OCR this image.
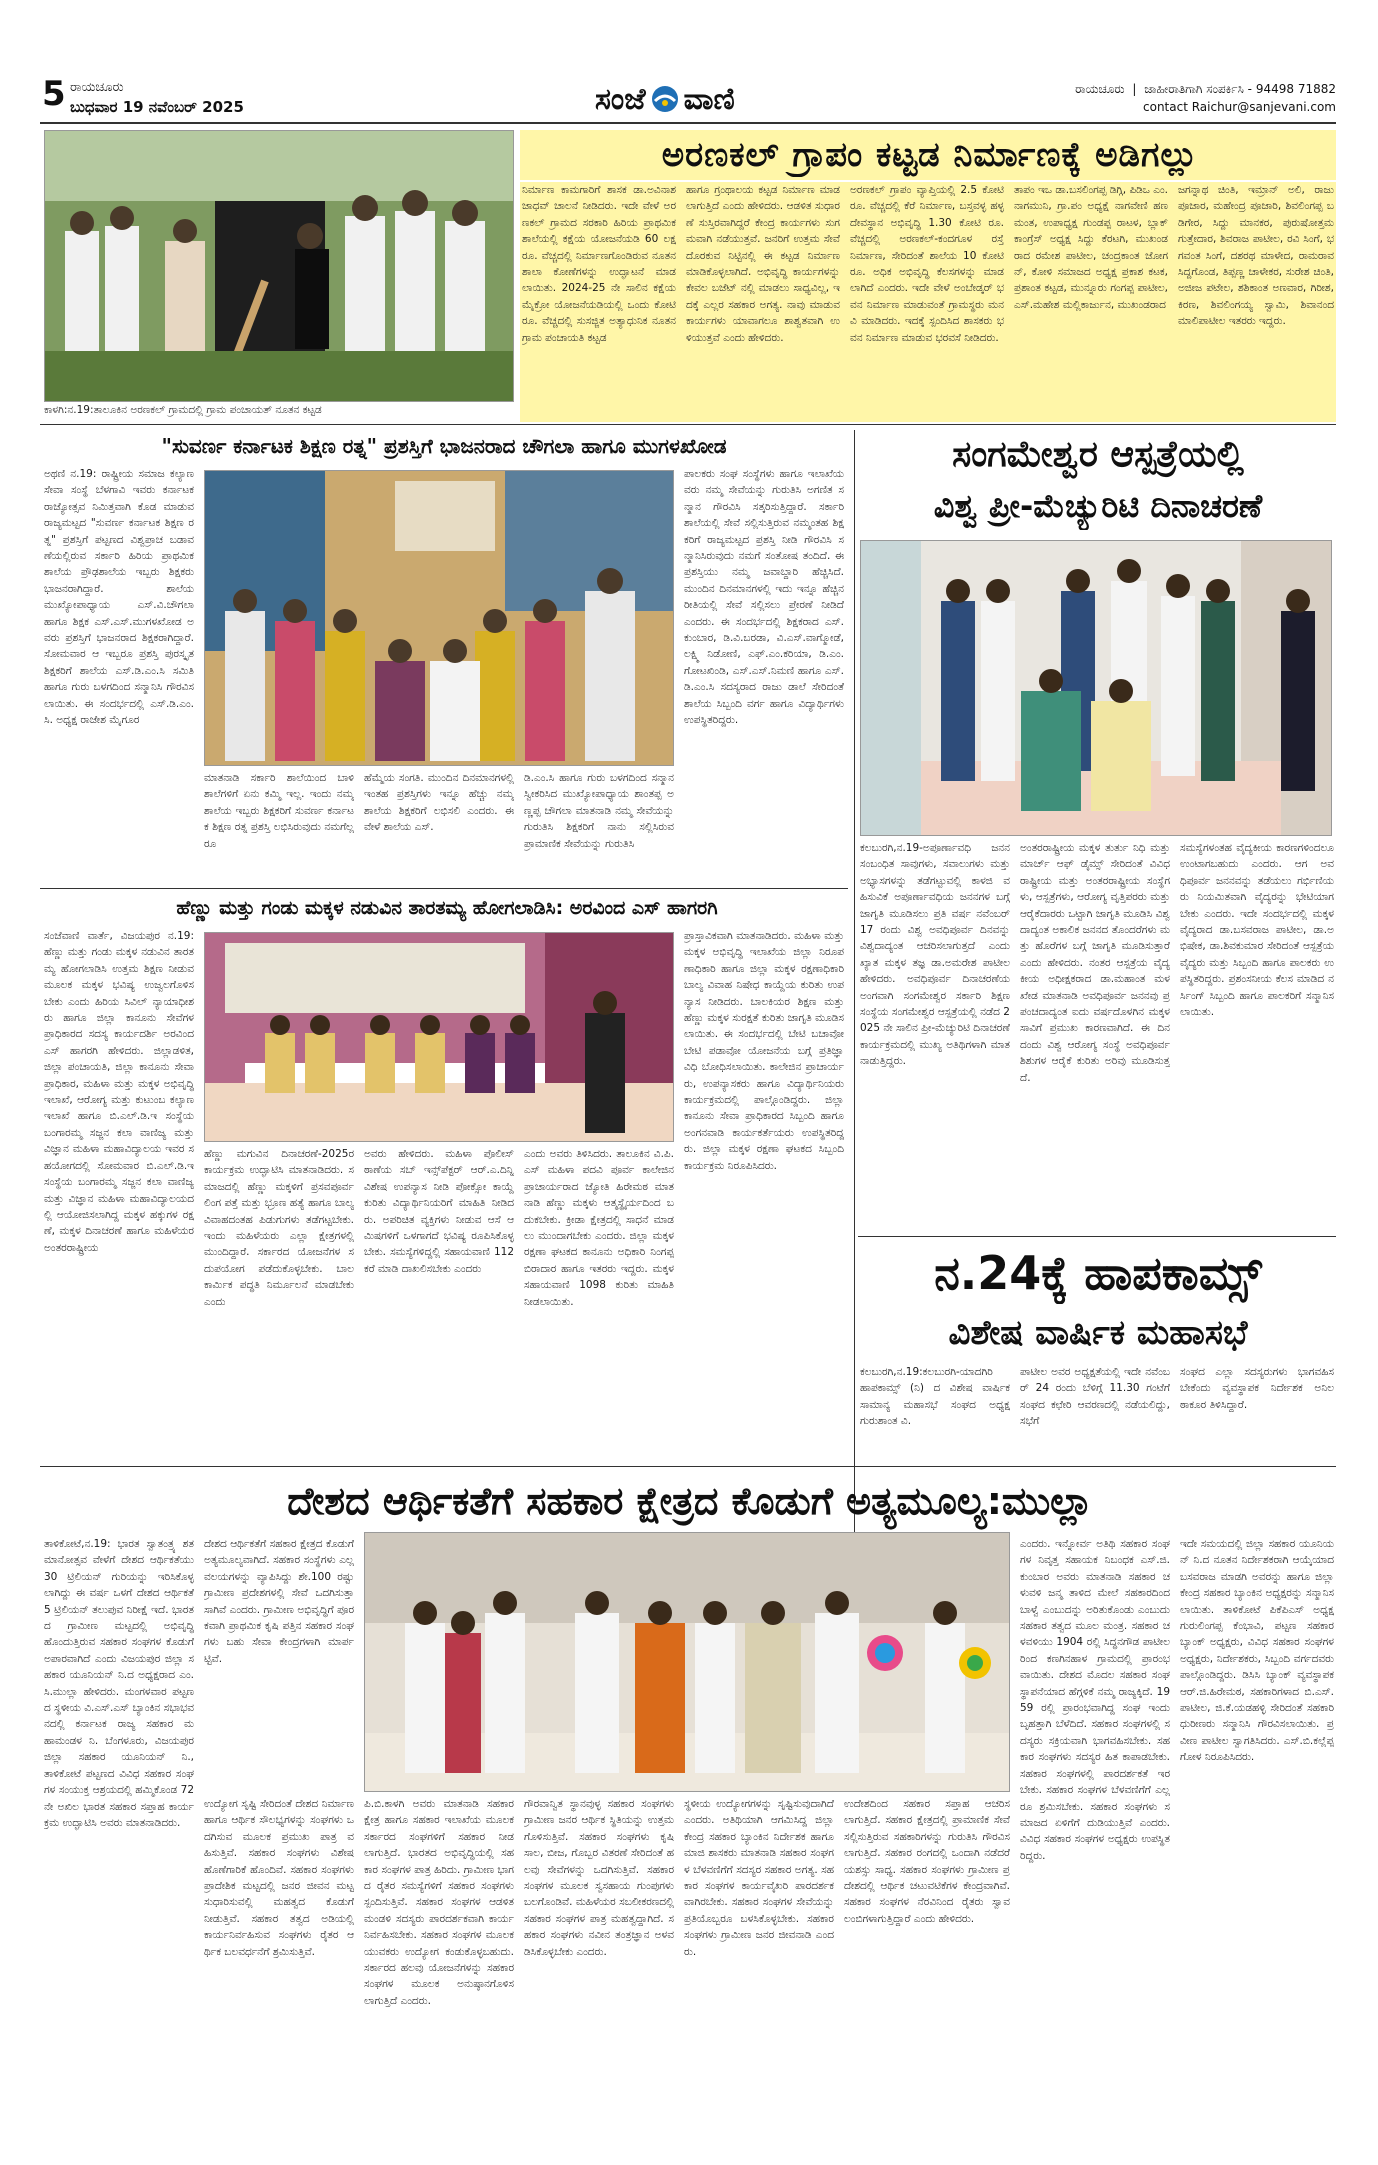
5 ರಾಯಚೂರು
ಬುಧವಾರ 19 ನವೆಂಬರ್ 2025	ಸಂಜೆ ವಾಣಿ	ರಾಯಚೂರು | ಜಾಹೀರಾತಿಗಾಗಿ ಸಂಪರ್ಕಿಸಿ - 94498 71882
contact Raichur@sanjevani.com
ಕಾಳಗಿ:ನ.19:ತಾಲೂಕಿನ ಅರಣಕಲ್ ಗ್ರಾಮದಲ್ಲಿ ಗ್ರಾಮ ಪಂಚಾಯತ್ ನೂತನ ಕಟ್ಟಡ
ಅರಣಕಲ್ ಗ್ರಾಪಂ ಕಟ್ಟಡ ನಿರ್ಮಾಣಕ್ಕೆ ಅಡಿಗಲ್ಲು
ನಿರ್ಮಾಣ ಕಾಮಗಾರಿಗೆ ಶಾಸಕ ಡಾ.ಅವಿನಾಶ ಜಾಧವ್ ಚಾಲನೆ ನೀಡಿದರು. ಇದೇ ವೇಳೆ ಅರಣಕಲ್ ಗ್ರಾಮದ ಸರಕಾರಿ ಹಿರಿಯ ಪ್ರಾಥಮಿಕ ಶಾಲೆಯಲ್ಲಿ ಕಕ್ಷೆಯ ಯೋಜನೆಯಡಿ 60 ಲಕ್ಷ ರೂ. ವೆಚ್ಚದಲ್ಲಿ ನಿರ್ಮಾಣಗೊಂಡಿರುವ ನೂತನ ಶಾಲಾ ಕೋಣೆಗಳನ್ನು ಉದ್ಘಾಟನೆ ಮಾಡಲಾಯಿತು. 2024-25 ನೇ ಸಾಲಿನ ಕಕ್ಷೆಯ ಮೈಕ್ರೋ ಯೋಜನೆಯಡಿಯಲ್ಲಿ ಒಂದು ಕೋಟಿ ರೂ. ವೆಚ್ಚದಲ್ಲಿ ಸುಸಜ್ಜಿತ ಅತ್ಯಾಧುನಿಕ ನೂತನ ಗ್ರಾಮ ಪಂಚಾಯತಿ ಕಟ್ಟಡ
ಹಾಗೂ ಗ್ರಂಥಾಲಯ ಕಟ್ಟಡ ನಿರ್ಮಾಣ ಮಾಡಲಾಗುತ್ತಿದೆ ಎಂದು ಹೇಳಿದರು. ಆಡಳಿತ ಸುಧಾರಣೆ ಸುಸ್ತಿರವಾಗಿದ್ದರೆ ಕೇಂದ್ರ ಕಾರ್ಯಗಳು ಸುಗಮವಾಗಿ ನಡೆಯುತ್ತವೆ. ಜನರಿಗೆ ಉತ್ತಮ ಸೇವೆ ದೊರಕುವ ನಿಟ್ಟಿನಲ್ಲಿ ಈ ಕಟ್ಟಡ ನಿರ್ಮಾಣ ಮಾಡಿಕೊಳ್ಳಲಾಗಿದೆ. ಅಭಿವೃದ್ಧಿ ಕಾರ್ಯಗಳನ್ನು ಕೇವಲ ಬಜೆಟ್ ನಲ್ಲಿ ಮಾಡಲು ಸಾಧ್ಯವಿಲ್ಲ, ಇದಕ್ಕೆ ಎಲ್ಲರ ಸಹಕಾರ ಅಗತ್ಯ. ನಾವು ಮಾಡುವ ಕಾರ್ಯಗಳು ಯಾವಾಗಲೂ ಶಾಶ್ವತವಾಗಿ ಉಳಿಯುತ್ತವೆ ಎಂದು ಹೇಳಿದರು.
ಅರಣಕಲ್ ಗ್ರಾಪಂ ವ್ಯಾಪ್ತಿಯಲ್ಲಿ 2.5 ಕೋಟಿ ರೂ. ವೆಚ್ಚದಲ್ಲಿ ಕೆರೆ ನಿರ್ಮಾಣ, ಬಸ್ತವಳ್ಳ ಹಳ್ಳ ದೇವಸ್ಥಾನ ಅಭಿವೃದ್ಧಿ 1.30 ಕೋಟಿ ರೂ. ವೆಚ್ಚದಲ್ಲಿ ಅರಣಕಲ್-ಕಂದಗೂಳ ರಸ್ತೆ ನಿರ್ಮಾಣ, ಸೇರಿದಂತೆ ಶಾಲೆಯ 10 ಕೋಟಿ ರೂ. ಅಧಿಕ ಅಭಿವೃದ್ಧಿ ಕೆಲಸಗಳನ್ನು ಮಾಡಲಾಗಿದೆ ಎಂದರು. ಇದೇ ವೇಳೆ ಅಂಬೇಡ್ಕರ್ ಭವನ ನಿರ್ಮಾಣ ಮಾಡುವಂತೆ ಗ್ರಾಮಸ್ಥರು ಮನವಿ ಮಾಡಿದರು. ಇದಕ್ಕೆ ಸ್ಪಂದಿಸಿದ ಶಾಸಕರು ಭವನ ನಿರ್ಮಾಣ ಮಾಡುವ ಭರವಸೆ ನೀಡಿದರು.
ತಾಪಂ ಇಒ ಡಾ.ಬಸಲಿಂಗಪ್ಪ ಡಿಗ್ಗಿ, ಪಿಡಿಒ ಎಂ.ನಾಗಮುನಿ, ಗ್ರಾ.ಪಂ ಅಧ್ಯಕ್ಷೆ ನಾಗವೇಣಿ ಹಣಮಂತ, ಉಪಾಧ್ಯಕ್ಷ ಗುಂಡಪ್ಪ ರಾಟಳ, ಬ್ಲಾಕ್ ಕಾಂಗ್ರೆಸ್ ಅಧ್ಯಕ್ಷ ಸಿದ್ದು ಕೆರಟಗಿ, ಮುಖಂಡರಾದ ರಮೇಶ ಪಾಟೀಲ, ಚಂದ್ರಕಾಂತ ಜೋಗನ್, ಕೋಳಿ ಸಮಾಜದ ಅಧ್ಯಕ್ಷ ಪ್ರಕಾಶ ಕಟಕ, ಪ್ರಶಾಂತ ಕಟ್ಟಡ, ಮುನ್ನೂರು ಗಂಗಪ್ಪ ಪಾಟೀಲ, ಎಸ್.ಮಹೇಶ ಮಲ್ಲಿಕಾರ್ಜುನ, ಮುಖಂಡರಾದ
ಜಗನ್ನಾಥ ಚಿಂತಿ, ಇಮ್ರಾನ್ ಅಲಿ, ರಾಜು ಪೂಜಾರ, ಮಹೇಂದ್ರ ಪೂಜಾರಿ, ಶಿವಲಿಂಗಪ್ಪ ಬಡಿಗೇರ, ಸಿದ್ದು ಮಾನಕರ, ಪುರುಷೋತ್ತಮ ಗುತ್ತೇದಾರ, ಶಿವರಾಜ ಪಾಟೀಲ, ರವಿ ಸಿಂಗೆ, ಭಗವಂತ ಸಿಂಗೆ, ದಶರಥ ಮಾಳೇದ, ರಾಮರಾವ ಸಿದ್ದಗೊಂಡ, ತಿಪ್ಪಣ್ಣ ಚಾಳೇಕರ, ಸುರೇಶ ಚಿಂತಿ, ಅಜೀಜ ಪಟೇಲ, ಶಶಿಕಾಂತ ಅಣವಾರ, ಗಿರೀಶ, ಕಿರಣ, ಶಿವಲಿಂಗಯ್ಯ ಸ್ವಾಮಿ, ಶಿವಾನಂದ ಮಾಲಿಪಾಟೀಲ ಇತರರು ಇದ್ದರು.
"ಸುವರ್ಣ ಕರ್ನಾಟಕ ಶಿಕ್ಷಣ ರತ್ನ" ಪ್ರಶಸ್ತಿಗೆ ಭಾಜನರಾದ ಚೌಗಲಾ ಹಾಗೂ ಮುಗಳಖೋಡ
ಅಥಣಿ ನ.19: ರಾಷ್ಟ್ರೀಯ ಸಮಾಜ ಕಲ್ಯಾಣ ಸೇವಾ ಸಂಸ್ಥೆ ಬೆಳಗಾವಿ ಇವರು ಕರ್ನಾಟಕ ರಾಜ್ಯೋತ್ಸವ ನಿಮಿತ್ತವಾಗಿ ಕೊಡ ಮಾಡುವ ರಾಜ್ಯಮಟ್ಟದ "ಸುವರ್ಣ ಕರ್ನಾಟಕ ಶಿಕ್ಷಣ ರತ್ನ" ಪ್ರಶಸ್ತಿಗೆ ಪಟ್ಟಣದ ವಿಶ್ವಪ್ರಾಚ ಬಡಾವಣೆಯಲ್ಲಿರುವ ಸರ್ಕಾರಿ ಹಿರಿಯ ಪ್ರಾಥಮಿಕ ಶಾಲೆಯ ಪ್ರೌಢಶಾಲೆಯ ಇಬ್ಬರು ಶಿಕ್ಷಕರು ಭಾಜನರಾಗಿದ್ದಾರೆ. ಶಾಲೆಯ ಮುಖ್ಯೋಪಾಧ್ಯಾಯ ಎಸ್.ವಿ.ಚೌಗಲಾ ಹಾಗೂ ಶಿಕ್ಷಕ ಎಸ್.ಎಸ್.ಮುಗಳಖೋಡ ಅವರು ಪ್ರಶಸ್ತಿಗೆ ಭಾಜನರಾದ ಶಿಕ್ಷಕರಾಗಿದ್ದಾರೆ. ಸೋಮವಾರ ಆ ಇಬ್ಬರೂ ಪ್ರಶಸ್ತಿ ಪುರಸ್ಕೃತ ಶಿಕ್ಷಕರಿಗೆ ಶಾಲೆಯ ಎಸ್.ಡಿ.ಎಂ.ಸಿ ಸಮಿತಿ ಹಾಗೂ ಗುರು ಬಳಗದಿಂದ ಸನ್ಮಾನಿಸಿ ಗೌರವಿಸಲಾಯಿತು. ಈ ಸಂದರ್ಭದಲ್ಲಿ ಎಸ್.ಡಿ.ಎಂ.ಸಿ. ಅಧ್ಯಕ್ಷ ರಾಜೇಶ ಮೈಗೂರ
ಪಾಲಕರು ಸಂಘ ಸಂಸ್ಥೆಗಳು ಹಾಗೂ ಇಲಾಖೆಯವರು ನಮ್ಮ ಸೇವೆಯನ್ನು ಗುರುತಿಸಿ ಅಗಣಿತ ಸನ್ಮಾನ ಗೌರವಿಸಿ ಸತ್ಕರಿಸುತ್ತಿದ್ದಾರೆ. ಸರ್ಕಾರಿ ಶಾಲೆಯಲ್ಲಿ ಸೇವೆ ಸಲ್ಲಿಸುತ್ತಿರುವ ನಮ್ಮಂತಹ ಶಿಕ್ಷಕರಿಗೆ ರಾಜ್ಯಮಟ್ಟದ ಪ್ರಶಸ್ತಿ ನೀಡಿ ಗೌರವಿಸಿ ಸನ್ಮಾನಿಸಿರುವುದು ನಮಗೆ ಸಂತೋಷ ತಂದಿದೆ. ಈ ಪ್ರಶಸ್ತಿಯು ನಮ್ಮ ಜವಾಬ್ದಾರಿ ಹೆಚ್ಚಿಸಿದೆ. ಮುಂದಿನ ದಿನಮಾನಗಳಲ್ಲಿ ಇದು ಇನ್ನೂ ಹೆಚ್ಚಿನ ರೀತಿಯಲ್ಲಿ ಸೇವೆ ಸಲ್ಲಿಸಲು ಪ್ರೇರಣೆ ನೀಡಿದೆ ಎಂದರು. ಈ ಸಂದರ್ಭದಲ್ಲಿ ಶಿಕ್ಷಕರಾದ ಎಸ್.ಕುಂಬಾರ, ಡಿ.ವಿ.ಬರಡಾ, ವಿ.ಎಸ್.ವಾಗ್ಮೋಡೆ, ಲಕ್ಷ್ಮಿ ನಿಡೋಣಿ, ಎಫ್.ಎಂ.ಕರಿಯಾ, ಡಿ.ಎಂ.ಗೋಟಖಿಂಡಿ, ಎಸ್.ಎಸ್.ನಿಮಣಿ ಹಾಗೂ ಎಸ್.ಡಿ.ಎಂ.ಸಿ ಸದಸ್ಯರಾದ ರಾಜು ಡಾಲೆ ಸೇರಿದಂತೆ ಶಾಲೆಯ ಸಿಬ್ಬಂದಿ ವರ್ಗ ಹಾಗೂ ವಿದ್ಯಾರ್ಥಿಗಳು ಉಪಸ್ಥಿತರಿದ್ದರು.
ಮಾತನಾಡಿ ಸರ್ಕಾರಿ ಶಾಲೆಯಿಂದ ಬಾಳಿ ಶಾಲೆಗಳಿಗೆ ಏನು ಕಮ್ಮಿ ಇಲ್ಲ. ಇಂದು ನಮ್ಮ ಶಾಲೆಯ ಇಬ್ಬರು ಶಿಕ್ಷಕರಿಗೆ ಸುವರ್ಣ ಕರ್ನಾಟಕ ಶಿಕ್ಷಣ ರತ್ನ ಪ್ರಶಸ್ತಿ ಲಭಿಸಿರುವುದು ನಮಗೆಲ್ಲರೂ
ಹೆಮ್ಮೆಯ ಸಂಗತಿ. ಮುಂದಿನ ದಿನಮಾನಗಳಲ್ಲಿ ಇಂತಹ ಪ್ರಶಸ್ತಿಗಳು ಇನ್ನೂ ಹೆಚ್ಚು ನಮ್ಮ ಶಾಲೆಯ ಶಿಕ್ಷಕರಿಗೆ ಲಭಿಸಲಿ ಎಂದರು. ಈ ವೇಳೆ ಶಾಲೆಯ ಎಸ್.
ಡಿ.ಎಂ.ಸಿ ಹಾಗೂ ಗುರು ಬಳಗದಿಂದ ಸನ್ಮಾನ ಸ್ವೀಕರಿಸಿದ ಮುಖ್ಯೋಪಾಧ್ಯಾಯ ಶಾಂತಪ್ಪ ಅಣ್ಣಪ್ಪ ಚೌಗಲಾ ಮಾತನಾಡಿ ನಮ್ಮ ಸೇವೆಯನ್ನು ಗುರುತಿಸಿ ಶಿಕ್ಷಕರಿಗೆ ನಾನು ಸಲ್ಲಿಸಿರುವ ಪ್ರಾಮಾಣಿಕ ಸೇವೆಯನ್ನು ಗುರುತಿಸಿ
ಸಂಗಮೇಶ್ವರ ಆಸ್ಪತ್ರೆಯಲ್ಲಿ
ವಿಶ್ವ ಪ್ರೀ-ಮೆಚ್ಯುರಿಟಿ ದಿನಾಚರಣೆ
ಕಲಬುರಗಿ,ನ.19-ಅಪೂರ್ಣಾವಧಿ ಜನನ ಸಂಬಂಧಿತ ಸಾವುಗಳು, ಸವಾಲುಗಳು ಮತ್ತು ಅಭ್ಯಾಸಗಳನ್ನು ತಡೆಗಟ್ಟುವಲ್ಲಿ ಕಾಳಜಿ ವಹಿಸುವಿಕೆ ಅಪೂರ್ಣಾವಧಿಯ ಜನನಗಳ ಬಗ್ಗೆ ಜಾಗೃತಿ ಮೂಡಿಸಲು ಪ್ರತಿ ವರ್ಷ ನವೆಂಬರ್ 17 ರಂದು ವಿಶ್ವ ಅವಧಿಪೂರ್ವ ದಿನವನ್ನು ವಿಶ್ವದಾದ್ಯಂತ ಆಚರಿಸಲಾಗುತ್ತದೆ ಎಂದು ಖ್ಯಾತ ಮಕ್ಕಳ ತಜ್ಞ ಡಾ.ಅಮರೇಶ ಪಾಟೀಲ ಹೇಳಿದರು. ಅವಧಿಪೂರ್ವ ದಿನಾಚರಣೆಯ ಅಂಗವಾಗಿ ಸಂಗಮೇಶ್ವರ ಸರ್ಕಾರಿ ಶಿಕ್ಷಣ ಸಂಸ್ಥೆಯ ಸಂಗಮೇಶ್ವರ ಆಸ್ಪತ್ರೆಯಲ್ಲಿ ನಡೆದ 2025 ನೇ ಸಾಲಿನ ಪ್ರೀ-ಮೆಚ್ಯುರಿಟಿ ದಿನಾಚರಣೆ ಕಾರ್ಯಕ್ರಮದಲ್ಲಿ ಮುಖ್ಯ ಅತಿಥಿಗಳಾಗಿ ಮಾತನಾಡುತ್ತಿದ್ದರು.
ಅಂತರರಾಷ್ಟ್ರೀಯ ಮಕ್ಕಳ ತುರ್ತು ನಿಧಿ ಮತ್ತು ಮಾರ್ಚ್ ಆಫ್ ಡೈಮ್ಸ್ ಸೇರಿದಂತೆ ವಿವಿಧ ರಾಷ್ಟ್ರೀಯ ಮತ್ತು ಅಂತರರಾಷ್ಟ್ರೀಯ ಸಂಸ್ಥೆಗಳು, ಆಸ್ಪತ್ರೆಗಳು, ಆರೋಗ್ಯ ವೃತ್ತಿಪರರು ಮತ್ತು ಆರೈಕೆದಾರರು ಒಟ್ಟಾಗಿ ಜಾಗೃತಿ ಮೂಡಿಸಿ ವಿಶ್ವದಾದ್ಯಂತ ಅಕಾಲಿಕ ಜನನದ ತೊಂದರೆಗಳು ಮತ್ತು ಹೊರೆಗಳ ಬಗ್ಗೆ ಜಾಗೃತಿ ಮೂಡಿಸುತ್ತಾರೆ ಎಂದು ಹೇಳಿದರು. ನಂತರ ಆಸ್ಪತ್ರೆಯ ವೈದ್ಯಕೀಯ ಅಧೀಕ್ಷಕರಾದ ಡಾ.ಮಹಾಂತ ಮಳಖೇಡ ಮಾತನಾಡಿ ಅವಧಿಪೂರ್ವ ಜನನವು ಪ್ರಪಂಚದಾದ್ಯಂತ ಐದು ವರ್ಷದೊಳಗಿನ ಮಕ್ಕಳ ಸಾವಿಗೆ ಪ್ರಮುಖ ಕಾರಣವಾಗಿದೆ. ಈ ದಿನದಂದು ವಿಶ್ವ ಆರೋಗ್ಯ ಸಂಸ್ಥೆ ಅವಧಿಪೂರ್ವ ಶಿಶುಗಳ ಆರೈಕೆ ಕುರಿತು ಅರಿವು ಮೂಡಿಸುತ್ತದೆ.
ಸಮಸ್ಯೆಗಳಂತಹ ವೈದ್ಯಕೀಯ ಕಾರಣಗಳಿಂದಲೂ ಉಂಟಾಗಬಹುದು ಎಂದರು. ಆಗ ಅವಧಿಪೂರ್ವ ಜನನವನ್ನು ತಡೆಯಲು ಗರ್ಭಿಣಿಯರು ನಿಯಮಿತವಾಗಿ ವೈದ್ಯರನ್ನು ಭೇಟಿಯಾಗಬೇಕು ಎಂದರು. ಇದೇ ಸಂದರ್ಭದಲ್ಲಿ ಮಕ್ಕಳ ವೈದ್ಯರಾದ ಡಾ.ಬಸವರಾಜ ಪಾಟೀಲ, ಡಾ.ಅಭಿಷೇಕ, ಡಾ.ಶಿವಕುಮಾರ ಸೇರಿದಂತೆ ಆಸ್ಪತ್ರೆಯ ವೈದ್ಯರು ಮತ್ತು ಸಿಬ್ಬಂದಿ ಹಾಗೂ ಪಾಲಕರು ಉಪಸ್ಥಿತರಿದ್ದರು. ಪ್ರಶಂಸನೀಯ ಕೆಲಸ ಮಾಡಿದ ನರ್ಸಿಂಗ್ ಸಿಬ್ಬಂದಿ ಹಾಗೂ ಪಾಲಕರಿಗೆ ಸನ್ಮಾನಿಸಲಾಯಿತು.
ಹೆಣ್ಣು ಮತ್ತು ಗಂಡು ಮಕ್ಕಳ ನಡುವಿನ ತಾರತಮ್ಯ ಹೋಗಲಾಡಿಸಿ: ಅರವಿಂದ ಎಸ್ ಹಾಗರಗಿ
ಸಂಜೆವಾಣಿ ವಾರ್ತೆ, ವಿಜಯಪುರ ನ.19: ಹೆಣ್ಣು ಮತ್ತು ಗಂಡು ಮಕ್ಕಳ ನಡುವಿನ ತಾರತಮ್ಯ ಹೋಗಲಾಡಿಸಿ ಉತ್ತಮ ಶಿಕ್ಷಣ ನೀಡುವ ಮೂಲಕ ಮಕ್ಕಳ ಭವಿಷ್ಯ ಉಜ್ವಲಗೊಳಿಸಬೇಕು ಎಂದು ಹಿರಿಯ ಸಿವಿಲ್ ನ್ಯಾಯಾಧೀಶರು ಹಾಗೂ ಜಿಲ್ಲಾ ಕಾನೂನು ಸೇವೆಗಳ ಪ್ರಾಧಿಕಾರದ ಸದಸ್ಯ ಕಾರ್ಯದರ್ಶಿ ಅರವಿಂದ ಎಸ್ ಹಾಗರಗಿ ಹೇಳಿದರು. ಜಿಲ್ಲಾಡಳಿತ, ಜಿಲ್ಲಾ ಪಂಚಾಯತಿ, ಜಿಲ್ಲಾ ಕಾನೂನು ಸೇವಾ ಪ್ರಾಧಿಕಾರ, ಮಹಿಳಾ ಮತ್ತು ಮಕ್ಕಳ ಅಭಿವೃದ್ಧಿ ಇಲಾಖೆ, ಆರೋಗ್ಯ ಮತ್ತು ಕುಟುಂಬ ಕಲ್ಯಾಣ ಇಲಾಖೆ ಹಾಗೂ ಬಿ.ಎಲ್.ಡಿ.ಇ ಸಂಸ್ಥೆಯ ಬಂಗಾರಮ್ಮ ಸಜ್ಜನ ಕಲಾ ವಾಣಿಜ್ಯ ಮತ್ತು ವಿಜ್ಞಾನ ಮಹಿಳಾ ಮಹಾವಿದ್ಯಾಲಯ ಇವರ ಸಹಯೋಗದಲ್ಲಿ ಸೋಮವಾರ ಬಿ.ಎಲ್.ಡಿ.ಇ ಸಂಸ್ಥೆಯ ಬಂಗಾರಮ್ಮ ಸಜ್ಜನ ಕಲಾ ವಾಣಿಜ್ಯ ಮತ್ತು ವಿಜ್ಞಾನ ಮಹಿಳಾ ಮಹಾವಿದ್ಯಾಲಯದಲ್ಲಿ ಆಯೋಜಿಸಲಾಗಿದ್ದ ಮಕ್ಕಳ ಹಕ್ಕುಗಳ ರಕ್ಷಣೆ, ಮಕ್ಕಳ ದಿನಾಚರಣೆ ಹಾಗೂ ಮಹಿಳೆಯರ ಅಂತರರಾಷ್ಟ್ರೀಯ
ಪ್ರಾಸ್ತಾವಿಕವಾಗಿ ಮಾತನಾಡಿದರು. ಮಹಿಳಾ ಮತ್ತು ಮಕ್ಕಳ ಅಭಿವೃದ್ಧಿ ಇಲಾಖೆಯ ಜಿಲ್ಲಾ ನಿರೂಪಣಾಧಿಕಾರಿ ಹಾಗೂ ಜಿಲ್ಲಾ ಮಕ್ಕಳ ರಕ್ಷಣಾಧಿಕಾರಿ ಬಾಲ್ಯ ವಿವಾಹ ನಿಷೇಧ ಕಾಯ್ದೆಯ ಕುರಿತು ಉಪನ್ಯಾಸ ನೀಡಿದರು. ಬಾಲಕಿಯರ ಶಿಕ್ಷಣ ಮತ್ತು ಹೆಣ್ಣು ಮಕ್ಕಳ ಸುರಕ್ಷತೆ ಕುರಿತು ಜಾಗೃತಿ ಮೂಡಿಸಲಾಯಿತು. ಈ ಸಂದರ್ಭದಲ್ಲಿ ಬೇಟಿ ಬಚಾವೋ ಬೇಟಿ ಪಡಾವೋ ಯೋಜನೆಯ ಬಗ್ಗೆ ಪ್ರತಿಜ್ಞಾ ವಿಧಿ ಬೋಧಿಸಲಾಯಿತು. ಕಾಲೇಜಿನ ಪ್ರಾಚಾರ್ಯರು, ಉಪನ್ಯಾಸಕರು ಹಾಗೂ ವಿದ್ಯಾರ್ಥಿನಿಯರು ಕಾರ್ಯಕ್ರಮದಲ್ಲಿ ಪಾಲ್ಗೊಂಡಿದ್ದರು. ಜಿಲ್ಲಾ ಕಾನೂನು ಸೇವಾ ಪ್ರಾಧಿಕಾರದ ಸಿಬ್ಬಂದಿ ಹಾಗೂ ಅಂಗನವಾಡಿ ಕಾರ್ಯಕರ್ತೆಯರು ಉಪಸ್ಥಿತರಿದ್ದರು. ಜಿಲ್ಲಾ ಮಕ್ಕಳ ರಕ್ಷಣಾ ಘಟಕದ ಸಿಬ್ಬಂದಿ ಕಾರ್ಯಕ್ರಮ ನಿರೂಪಿಸಿದರು.
ಹೆಣ್ಣು ಮಗುವಿನ ದಿನಾಚರಣೆ-2025ರ ಕಾರ್ಯಕ್ರಮ ಉದ್ಘಾಟಿಸಿ ಮಾತನಾಡಿದರು. ಸಮಾಜದಲ್ಲಿ ಹೆಣ್ಣು ಮಕ್ಕಳಿಗೆ ಪ್ರಸವಪೂರ್ವ ಲಿಂಗ ಪತ್ತೆ ಮತ್ತು ಭ್ರೂಣ ಹತ್ಯೆ ಹಾಗೂ ಬಾಲ್ಯ ವಿವಾಹದಂತಹ ಪಿಡುಗುಗಳು ತಡೆಗಟ್ಟಬೇಕು. ಇಂದು ಮಹಿಳೆಯರು ಎಲ್ಲಾ ಕ್ಷೇತ್ರಗಳಲ್ಲಿ ಮುಂದಿದ್ದಾರೆ. ಸರ್ಕಾರದ ಯೋಜನೆಗಳ ಸದುಪಯೋಗ ಪಡೆದುಕೊಳ್ಳಬೇಕು. ಬಾಲಕಾರ್ಮಿಕ ಪದ್ಧತಿ ನಿರ್ಮೂಲನೆ ಮಾಡಬೇಕು ಎಂದು
ಅವರು ಹೇಳಿದರು. ಮಹಿಳಾ ಪೊಲೀಸ್ ಠಾಣೆಯ ಸಬ್ ಇನ್ಸ್‌ಪೆಕ್ಟರ್ ಆರ್.ಎ.ದಿನ್ನಿ ವಿಶೇಷ ಉಪನ್ಯಾಸ ನೀಡಿ ಪೋಕ್ಸೋ ಕಾಯ್ದೆ ಕುರಿತು ವಿದ್ಯಾರ್ಥಿನಿಯರಿಗೆ ಮಾಹಿತಿ ನೀಡಿದರು. ಅಪರಿಚಿತ ವ್ಯಕ್ತಿಗಳು ನೀಡುವ ಆಸೆ ಆಮಿಷಗಳಿಗೆ ಒಳಗಾಗದೆ ಭವಿಷ್ಯ ರೂಪಿಸಿಕೊಳ್ಳಬೇಕು. ಸಮಸ್ಯೆಗಳಿದ್ದಲ್ಲಿ ಸಹಾಯವಾಣಿ 112 ಕರೆ ಮಾಡಿ ದಾಖಲಿಸಬೇಕು ಎಂದರು
ಎಂದು ಅವರು ತಿಳಿಸಿದರು. ತಾಲೂಕಿನ ವಿ.ಪಿ.ಎಸ್ ಮಹಿಳಾ ಪದವಿ ಪೂರ್ವ ಕಾಲೇಜಿನ ಪ್ರಾಚಾರ್ಯರಾದ ಜ್ಯೋತಿ ಹಿರೇಮಠ ಮಾತನಾಡಿ ಹೆಣ್ಣು ಮಕ್ಕಳು ಆತ್ಮಸ್ಥೈರ್ಯದಿಂದ ಬದುಕಬೇಕು. ಕ್ರೀಡಾ ಕ್ಷೇತ್ರದಲ್ಲಿ ಸಾಧನೆ ಮಾಡಲು ಮುಂದಾಗಬೇಕು ಎಂದರು. ಜಿಲ್ಲಾ ಮಕ್ಕಳ ರಕ್ಷಣಾ ಘಟಕದ ಕಾನೂನು ಅಧಿಕಾರಿ ನಿಂಗಪ್ಪ ಬಿರಾದಾರ ಹಾಗೂ ಇತರರು ಇದ್ದರು. ಮಕ್ಕಳ ಸಹಾಯವಾಣಿ 1098 ಕುರಿತು ಮಾಹಿತಿ ನೀಡಲಾಯಿತು.
ನ.24ಕ್ಕೆ ಹಾಪಕಾಮ್ಸ್
ವಿಶೇಷ ವಾರ್ಷಿಕ ಮಹಾಸಭೆ
ಕಲಬುರಗಿ,ನ.19:ಕಲಬುರಗಿ-ಯಾದಗಿರಿ ಹಾಪಕಾಮ್ಸ್ (ನಿ) ದ ವಿಶೇಷ ವಾರ್ಷಿಕ ಸಾಮಾನ್ಯ ಮಹಾಸಭೆ ಸಂಘದ ಅಧ್ಯಕ್ಷ ಗುರುಶಾಂತ ವಿ.
ಪಾಟೀಲ ಅವರ ಅಧ್ಯಕ್ಷತೆಯಲ್ಲಿ ಇದೇ ನವೆಂಬರ್ 24 ರಂದು ಬೆಳಿಗ್ಗೆ 11.30 ಗಂಟೆಗೆ ಸಂಘದ ಕಛೇರಿ ಆವರಣದಲ್ಲಿ ನಡೆಯಲಿದ್ದು, ಸಭೆಗೆ
ಸಂಘದ ಎಲ್ಲಾ ಸದಸ್ಯರುಗಳು ಭಾಗವಹಿಸಬೇಕೆಂದು ವ್ಯವಸ್ಥಾಪಕ ನಿರ್ದೇಶಕ ಅನಿಲ ಠಾಕೂರ ತಿಳಿಸಿದ್ದಾರೆ.
ದೇಶದ ಆರ್ಥಿಕತೆಗೆ ಸಹಕಾರ ಕ್ಷೇತ್ರದ ಕೊಡುಗೆ ಅತ್ಯಮೂಲ್ಯ:ಮುಲ್ಲಾ
ತಾಳಿಕೋಟೆ,ನ.19: ಭಾರತ ಸ್ವಾತಂತ್ರ್ಯ ಶತಮಾನೋತ್ಸವ ವೇಳೆಗೆ ದೇಶದ ಆರ್ಥಿಕತೆಯು 30 ಟ್ರಿಲಿಯನ್ ಗುರಿಯನ್ನು ಇರಿಸಿಕೊಳ್ಳಲಾಗಿದ್ದು ಈ ವರ್ಷ ಒಳಗೆ ದೇಶದ ಆರ್ಥಿಕತೆ 5 ಟ್ರಿಲಿಯನ್ ತಲುಪುವ ನಿರೀಕ್ಷೆ ಇದೆ. ಭಾರತದ ಗ್ರಾಮೀಣ ಮಟ್ಟದಲ್ಲಿ ಅಭಿವೃದ್ಧಿ ಹೊಂದುತ್ತಿರುವ ಸಹಕಾರ ಸಂಘಗಳ ಕೊಡುಗೆ ಅಪಾರವಾಗಿದೆ ಎಂದು ವಿಜಯಪುರ ಜಿಲ್ಲಾ ಸಹಕಾರ ಯೂನಿಯನ್ ನಿ.ದ ಅಧ್ಯಕ್ಷರಾದ ಎಂ.ಸಿ.ಮುಲ್ಲಾ ಹೇಳಿದರು. ಮಂಗಳವಾರ ಪಟ್ಟಣದ ಸ್ಥಳೀಯ ವಿ.ಎಸ್.ಎಸ್ ಬ್ಯಾಂಕಿನ ಸಭಾಭವನದಲ್ಲಿ ಕರ್ನಾಟಕ ರಾಜ್ಯ ಸಹಕಾರ ಮಹಾಮಂಡಳ ನಿ. ಬೆಂಗಳೂರು, ವಿಜಯಪುರ ಜಿಲ್ಲಾ ಸಹಕಾರ ಯೂನಿಯನ್ ನಿ., ತಾಳಿಕೋಟೆ ಪಟ್ಟಣದ ವಿವಿಧ ಸಹಕಾರ ಸಂಘಗಳ ಸಂಯುಕ್ತ ಆಶ್ರಯದಲ್ಲಿ ಹಮ್ಮಿಕೊಂಡ 72ನೇ ಅಖಿಲ ಭಾರತ ಸಹಕಾರ ಸಪ್ತಾಹ ಕಾರ್ಯಕ್ರಮ ಉದ್ಘಾಟಿಸಿ ಅವರು ಮಾತನಾಡಿದರು.
ದೇಶದ ಆರ್ಥಿಕತೆಗೆ ಸಹಕಾರ ಕ್ಷೇತ್ರದ ಕೊಡುಗೆ ಅತ್ಯಮೂಲ್ಯವಾಗಿದೆ. ಸಹಕಾರ ಸಂಸ್ಥೆಗಳು ಎಲ್ಲ ವಲಯಗಳನ್ನು ವ್ಯಾಪಿಸಿದ್ದು ಶೇ.100 ರಷ್ಟು ಗ್ರಾಮೀಣ ಪ್ರದೇಶಗಳಲ್ಲಿ ಸೇವೆ ಒದಗಿಸುತ್ತಾ ಸಾಗಿವೆ ಎಂದರು. ಗ್ರಾಮೀಣ ಅಭಿವೃದ್ಧಿಗೆ ಪೂರಕವಾಗಿ ಪ್ರಾಥಮಿಕ ಕೃಷಿ ಪತ್ತಿನ ಸಹಕಾರ ಸಂಘಗಳು ಬಹು ಸೇವಾ ಕೇಂದ್ರಗಳಾಗಿ ಮಾರ್ಪಟ್ಟಿವೆ.
ಉದ್ಯೋಗ ಸೃಷ್ಟಿ ಸೇರಿದಂತೆ ದೇಶದ ನಿರ್ಮಾಣ ಹಾಗೂ ಆರ್ಥಿಕ ಸೌಲಭ್ಯಗಳನ್ನು ಸಂಘಗಳು ಒದಗಿಸುವ ಮೂಲಕ ಪ್ರಮುಖ ಪಾತ್ರ ವಹಿಸುತ್ತಿವೆ. ಸಹಕಾರ ಸಂಘಗಳು ವಿಶೇಷ ಹೊಣೆಗಾರಿಕೆ ಹೊಂದಿವೆ. ಸಹಕಾರ ಸಂಘಗಳು ಪ್ರಾದೇಶಿಕ ಮಟ್ಟದಲ್ಲಿ ಜನರ ಜೀವನ ಮಟ್ಟ ಸುಧಾರಿಸುವಲ್ಲಿ ಮಹತ್ವದ ಕೊಡುಗೆ ನೀಡುತ್ತಿವೆ. ಸಹಕಾರ ತತ್ವದ ಅಡಿಯಲ್ಲಿ ಕಾರ್ಯನಿರ್ವಹಿಸುವ ಸಂಘಗಳು ರೈತರ ಆರ್ಥಿಕ ಬಲವರ್ಧನೆಗೆ ಶ್ರಮಿಸುತ್ತಿವೆ.
ಪಿ.ಬಿ.ಕಾಳಗಿ ಅವರು ಮಾತನಾಡಿ ಸಹಕಾರ ಕ್ಷೇತ್ರ ಹಾಗೂ ಸಹಕಾರ ಇಲಾಖೆಯ ಮೂಲಕ ಸರ್ಕಾರದ ಸಂಘಗಳಿಗೆ ಸಹಕಾರ ನೀಡಲಾಗುತ್ತಿದೆ. ಭಾರತದ ಅಭಿವೃದ್ಧಿಯಲ್ಲಿ ಸಹಕಾರ ಸಂಘಗಳ ಪಾತ್ರ ಹಿರಿದು. ಗ್ರಾಮೀಣ ಭಾಗದ ರೈತರ ಸಮಸ್ಯೆಗಳಿಗೆ ಸಹಕಾರ ಸಂಘಗಳು ಸ್ಪಂದಿಸುತ್ತಿವೆ. ಸಹಕಾರ ಸಂಘಗಳ ಆಡಳಿತ ಮಂಡಳಿ ಸದಸ್ಯರು ಪಾರದರ್ಶಕವಾಗಿ ಕಾರ್ಯನಿರ್ವಹಿಸಬೇಕು. ಸಹಕಾರ ಸಂಘಗಳ ಮೂಲಕ ಯುವಕರು ಉದ್ಯೋಗ ಕಂಡುಕೊಳ್ಳಬಹುದು. ಸರ್ಕಾರದ ಹಲವು ಯೋಜನೆಗಳನ್ನು ಸಹಕಾರ ಸಂಘಗಳ ಮೂಲಕ ಅನುಷ್ಠಾನಗೊಳಿಸಲಾಗುತ್ತಿದೆ ಎಂದರು.
ಗೌರವಾನ್ವಿತ ಸ್ಥಾನವುಳ್ಳ ಸಹಕಾರ ಸಂಘಗಳು ಗ್ರಾಮೀಣ ಜನರ ಆರ್ಥಿಕ ಸ್ಥಿತಿಯನ್ನು ಉತ್ತಮಗೊಳಿಸುತ್ತಿವೆ. ಸಹಕಾರ ಸಂಘಗಳು ಕೃಷಿ ಸಾಲ, ಬೀಜ, ಗೊಬ್ಬರ ವಿತರಣೆ ಸೇರಿದಂತೆ ಹಲವು ಸೇವೆಗಳನ್ನು ಒದಗಿಸುತ್ತಿವೆ. ಸಹಕಾರ ಸಂಘಗಳ ಮೂಲಕ ಸ್ವಸಹಾಯ ಗುಂಪುಗಳು ಬಲಗೊಂಡಿವೆ. ಮಹಿಳೆಯರ ಸಬಲೀಕರಣದಲ್ಲಿ ಸಹಕಾರ ಸಂಘಗಳ ಪಾತ್ರ ಮಹತ್ವದ್ದಾಗಿದೆ. ಸಹಕಾರ ಸಂಘಗಳು ನವೀನ ತಂತ್ರಜ್ಞಾನ ಅಳವಡಿಸಿಕೊಳ್ಳಬೇಕು ಎಂದರು.
ಸ್ಥಳೀಯ ಉದ್ಯೋಗಗಳನ್ನು ಸೃಷ್ಟಿಸುವುದಾಗಿದೆ ಎಂದರು. ಅತಿಥಿಯಾಗಿ ಆಗಮಿಸಿದ್ದ ಜಿಲ್ಲಾ ಕೇಂದ್ರ ಸಹಕಾರ ಬ್ಯಾಂಕಿನ ನಿರ್ದೇಶಕ ಹಾಗೂ ಮಾಜಿ ಶಾಸಕರು ಮಾತನಾಡಿ ಸಹಕಾರ ಸಂಘಗಳ ಬೆಳವಣಿಗೆಗೆ ಸದಸ್ಯರ ಸಹಕಾರ ಅಗತ್ಯ. ಸಹಕಾರ ಸಂಘಗಳ ಕಾರ್ಯವೈಖರಿ ಪಾರದರ್ಶಕವಾಗಿರಬೇಕು. ಸಹಕಾರ ಸಂಘಗಳ ಸೇವೆಯನ್ನು ಪ್ರತಿಯೊಬ್ಬರೂ ಬಳಸಿಕೊಳ್ಳಬೇಕು. ಸಹಕಾರ ಸಂಘಗಳು ಗ್ರಾಮೀಣ ಜನರ ಜೀವನಾಡಿ ಎಂದರು.
ಉದೇಶದಿಂದ ಸಹಕಾರ ಸಪ್ತಾಹ ಆಚರಿಸಲಾಗುತ್ತಿದೆ. ಸಹಕಾರ ಕ್ಷೇತ್ರದಲ್ಲಿ ಪ್ರಾಮಾಣಿಕ ಸೇವೆ ಸಲ್ಲಿಸುತ್ತಿರುವ ಸಹಕಾರಿಗಳನ್ನು ಗುರುತಿಸಿ ಗೌರವಿಸಲಾಗುತ್ತಿದೆ. ಸಹಕಾರ ರಂಗದಲ್ಲಿ ಒಂದಾಗಿ ನಡೆದರೆ ಯಶಸ್ಸು ಸಾಧ್ಯ. ಸಹಕಾರ ಸಂಘಗಳು ಗ್ರಾಮೀಣ ಪ್ರದೇಶದಲ್ಲಿ ಆರ್ಥಿಕ ಚಟುವಟಿಕೆಗಳ ಕೇಂದ್ರವಾಗಿವೆ. ಸಹಕಾರ ಸಂಘಗಳ ನೆರವಿನಿಂದ ರೈತರು ಸ್ವಾವಲಂಬಿಗಳಾಗುತ್ತಿದ್ದಾರೆ ಎಂದು ಹೇಳಿದರು.
ಎಂದರು. ಇನ್ನೋರ್ವ ಅತಿಥಿ ಸಹಕಾರ ಸಂಘಗಳ ನಿವೃತ್ತ ಸಹಾಯಕ ನಿಬಂಧಕ ಎಸ್.ಜಿ.ಕುಂಬಾರ ಅವರು ಮಾತನಾಡಿ ಸಹಕಾರ ಚಳುವಳಿ ಜನ್ಮ ತಾಳಿದ ಮೇಲೆ ಸಹಕಾರದಿಂದ ಬಾಳ್ವೆ ಎಂಬುದನ್ನು ಅರಿತುಕೊಂಡು ಎಂಬುದು ಸಹಕಾರ ತತ್ವದ ಮೂಲ ಮಂತ್ರ. ಸಹಕಾರ ಚಳವಳಿಯು 1904 ರಲ್ಲಿ ಸಿದ್ಧನಗೌಡ ಪಾಟೀಲರಿಂದ ಕಣಗಿನಹಾಳ ಗ್ರಾಮದಲ್ಲಿ ಪ್ರಾರಂಭವಾಯಿತು. ದೇಶದ ಮೊದಲ ಸಹಕಾರ ಸಂಘ ಸ್ಥಾಪನೆಯಾದ ಹೆಗ್ಗಳಿಕೆ ನಮ್ಮ ರಾಜ್ಯಕ್ಕಿದೆ. 1959 ರಲ್ಲಿ ಪ್ರಾರಂಭವಾಗಿದ್ದ ಸಂಘ ಇಂದು ಬೃಹತ್ತಾಗಿ ಬೆಳೆದಿದೆ. ಸಹಕಾರ ಸಂಘಗಳಲ್ಲಿ ಸದಸ್ಯರು ಸಕ್ರಿಯವಾಗಿ ಭಾಗವಹಿಸಬೇಕು. ಸಹಕಾರ ಸಂಘಗಳು ಸದಸ್ಯರ ಹಿತ ಕಾಪಾಡಬೇಕು. ಸಹಕಾರ ಸಂಘಗಳಲ್ಲಿ ಪಾರದರ್ಶಕತೆ ಇರಬೇಕು. ಸಹಕಾರ ಸಂಘಗಳ ಬೆಳವಣಿಗೆಗೆ ಎಲ್ಲರೂ ಶ್ರಮಿಸಬೇಕು. ಸಹಕಾರ ಸಂಘಗಳು ಸಮಾಜದ ಏಳಿಗೆಗೆ ದುಡಿಯುತ್ತಿವೆ ಎಂದರು. ವಿವಿಧ ಸಹಕಾರ ಸಂಘಗಳ ಅಧ್ಯಕ್ಷರು ಉಪಸ್ಥಿತರಿದ್ದರು.
ಇದೇ ಸಮಯದಲ್ಲಿ ಜಿಲ್ಲಾ ಸಹಕಾರ ಯೂನಿಯನ್ ನಿ.ದ ನೂತನ ನಿರ್ದೇಶಕರಾಗಿ ಆಯ್ಕೆಯಾದ ಬಸವರಾಜ ಮಾಡಗಿ ಅವರನ್ನು ಹಾಗೂ ಜಿಲ್ಲಾ ಕೇಂದ್ರ ಸಹಕಾರ ಬ್ಯಾಂಕಿನ ಅಧ್ಯಕ್ಷರನ್ನು ಸನ್ಮಾನಿಸಲಾಯಿತು. ತಾಳಿಕೋಟೆ ಪಿಕೆಪಿಎಸ್ ಅಧ್ಯಕ್ಷ ಗುರುಲಿಂಗಪ್ಪ ಕೆಂಭಾವಿ, ಪಟ್ಟಣ ಸಹಕಾರ ಬ್ಯಾಂಕ್ ಅಧ್ಯಕ್ಷರು, ವಿವಿಧ ಸಹಕಾರ ಸಂಘಗಳ ಅಧ್ಯಕ್ಷರು, ನಿರ್ದೇಶಕರು, ಸಿಬ್ಬಂದಿ ವರ್ಗದವರು ಪಾಲ್ಗೊಂಡಿದ್ದರು. ಡಿಸಿಸಿ ಬ್ಯಾಂಕ್ ವ್ಯವಸ್ಥಾಪಕ ಆರ್.ಜಿ.ಹಿರೇಮಠ, ಸಹಕಾರಿಗಳಾದ ಬಿ.ಎಸ್.ಪಾಟೀಲ, ಜಿ.ಕೆ.ಯಡಹಳ್ಳಿ ಸೇರಿದಂತೆ ಸಹಕಾರಿ ಧುರೀಣರು ಸನ್ಮಾನಿಸಿ ಗೌರವಿಸಲಾಯಿತು. ಪ್ರವೀಣ ಪಾಟೀಲ ಸ್ವಾಗತಿಸಿದರು. ಎಸ್.ಬಿ.ಕಲ್ಲೆಪ್ಪಗೋಳ ನಿರೂಪಿಸಿದರು.
